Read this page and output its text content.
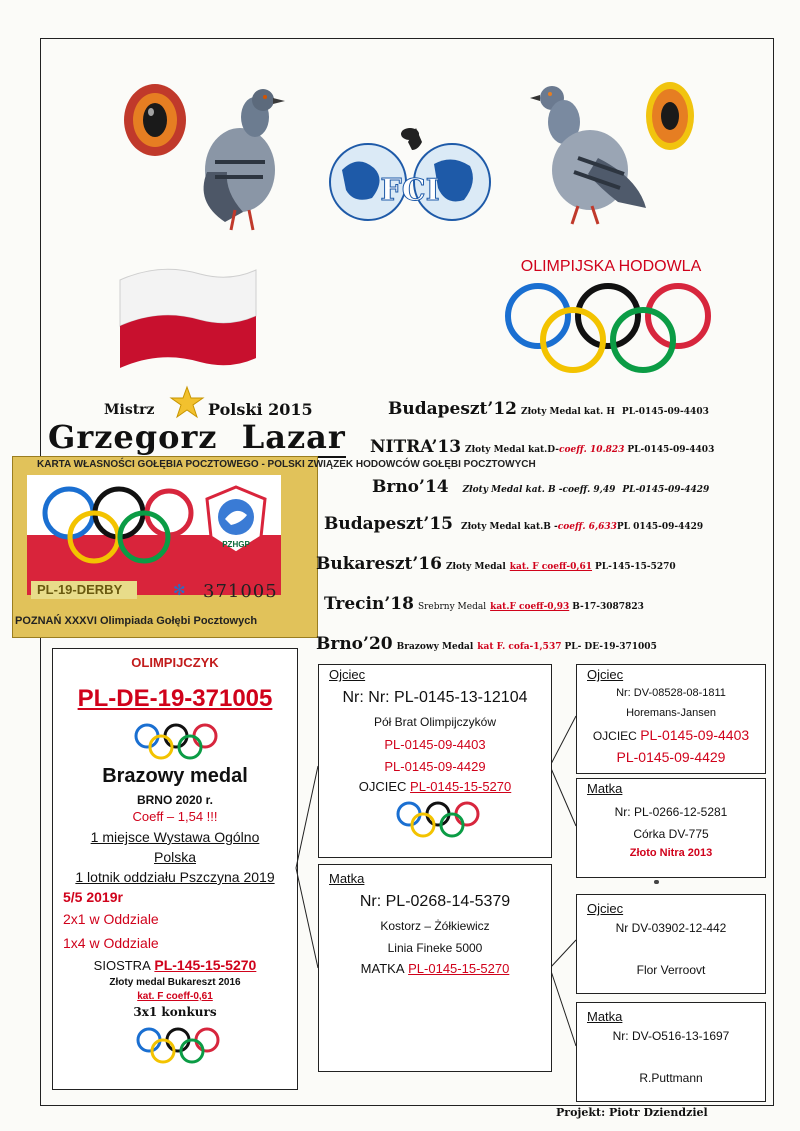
FCI
OLIMPIJSKA HODOWLA
Mistrz	Polski 2015
Grzegorz Lazar
KARTA WŁASNOŚCI GOŁĘBIA POCZTOWEGO - POLSKI ZWIĄZEK HODOWCÓW GOŁĘBI POCZTOWYCH
PZHGP
PL-19-DERBY	✻ 371005
POZNAŃ XXXVI Olimpiada Gołębi Pocztowych
Budapeszt’12 Złoty Medal kat. H PL-0145-09-4403
NITRA’13 Złoty Medal kat.D-coeff. 10.823 PL-0145-09-4403
Brno’14 Złoty Medal kat. B -coeff. 9,49 PL-0145-09-4429
Budapeszt’15 Złoty Medal kat.B -coeff. 6,633PL 0145-09-4429
Bukareszt’16 Złoty Medal kat. F coeff-0,61 PL-145-15-5270
Trecin’18 Srebrny Medal kat.F coeff-0,93 B-17-3087823
Brno’20 Brazowy Medal kat F. cofa-1,537 PL- DE-19-371005
OLIMPIJCZYK
PL-DE-19-371005
Brazowy medal
BRNO 2020 r.
Coeff – 1,54 !!!
1 miejsce Wystawa Ogólno
Polska
1 lotnik oddziału Pszczyna 2019
5/5 2019r
2x1 w Oddziale
1x4 w Oddziale
SIOSTRA PL-145-15-5270
Złoty medal Bukareszt 2016
kat. F coeff-0,61
3x1 konkurs
Ojciec
Nr: Nr: PL-0145-13-12104
Pół Brat Olimpijczyków
PL-0145-09-4403
PL-0145-09-4429
OJCIEC PL-0145-15-5270
Matka
Nr: PL-0268-14-5379
Kostorz – Żółkiewicz
Linia Fineke 5000
MATKA PL-0145-15-5270
Ojciec
Nr: DV-08528-08-1811
Horemans-Jansen
OJCIEC PL-0145-09-4403
PL-0145-09-4429
Matka
Nr: PL-0266-12-5281
Córka DV-775
Złoto Nitra 2013
Ojciec
Nr DV-03902-12-442
Flor Verroovt
Matka
Nr: DV-O516-13-1697
R.Puttmann
Projekt: Piotr Dziendziel
